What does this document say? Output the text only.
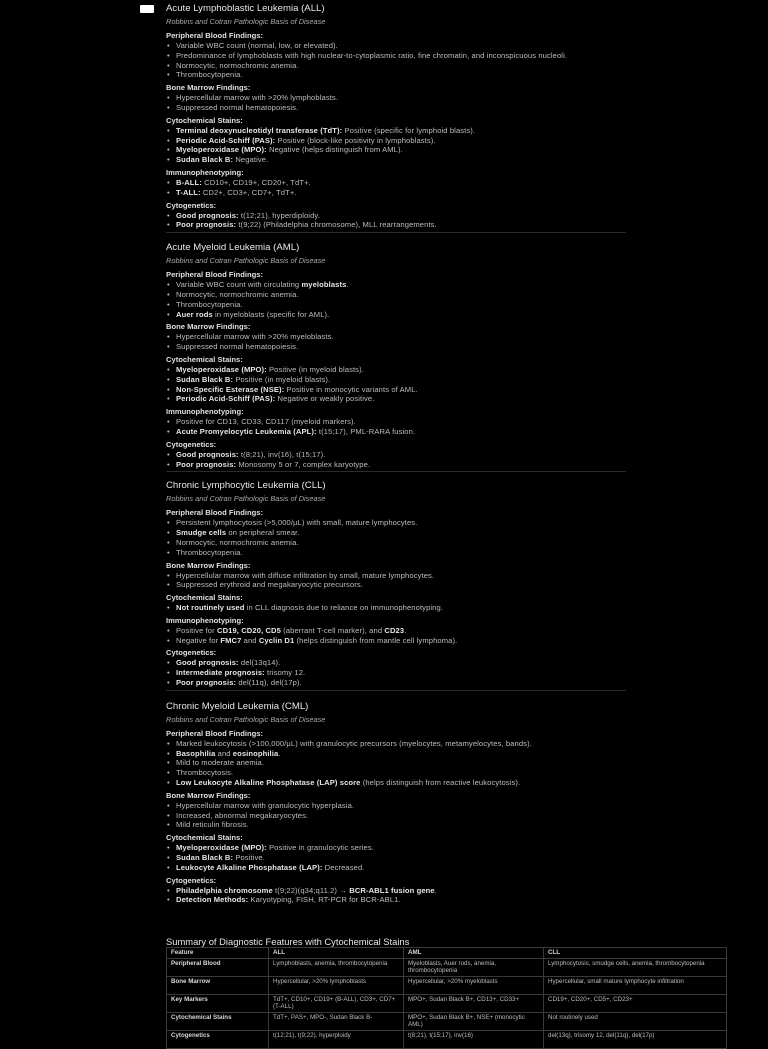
Acute Lymphoblastic Leukemia (ALL)
Robbins and Cotran Pathologic Basis of Disease
Peripheral Blood Findings:
• Variable WBC count (normal, low, or elevated).
• Predominance of lymphoblasts with high nuclear-to-cytoplasmic ratio, fine chromatin, and inconspicuous nucleoli.
• Normocytic, normochromic anemia.
• Thrombocytopenia.
Bone Marrow Findings:
• Hypercellular marrow with >20% lymphoblasts.
• Suppressed normal hematopoiesis.
Cytochemical Stains:
• Terminal deoxynucleotidyl transferase (TdT): Positive (specific for lymphoid blasts).
• Periodic Acid-Schiff (PAS): Positive (block-like positivity in lymphoblasts).
• Myeloperoxidase (MPO): Negative (helps distinguish from AML).
• Sudan Black B: Negative.
Immunophenotyping:
• B-ALL: CD10+, CD19+, CD20+, TdT+.
• T-ALL: CD2+, CD3+, CD7+, TdT+.
Cytogenetics:
• Good prognosis: t(12;21), hyperdiploidy.
• Poor prognosis: t(9;22) (Philadelphia chromosome), MLL rearrangements.
Acute Myeloid Leukemia (AML)
Robbins and Cotran Pathologic Basis of Disease
Peripheral Blood Findings:
• Variable WBC count with circulating myeloblasts.
• Normocytic, normochromic anemia.
• Thrombocytopenia.
• Auer rods in myeloblasts (specific for AML).
Bone Marrow Findings:
• Hypercellular marrow with >20% myeloblasts.
• Suppressed normal hematopoiesis.
Cytochemical Stains:
• Myeloperoxidase (MPO): Positive (in myeloid blasts).
• Sudan Black B: Positive (in myeloid blasts).
• Non-Specific Esterase (NSE): Positive in monocytic variants of AML.
• Periodic Acid-Schiff (PAS): Negative or weakly positive.
Immunophenotyping:
• Positive for CD13, CD33, CD117 (myeloid markers).
• Acute Promyelocytic Leukemia (APL): t(15;17), PML-RARA fusion.
Cytogenetics:
• Good prognosis: t(8;21), inv(16), t(15;17).
• Poor prognosis: Monosomy 5 or 7, complex karyotype.
Chronic Lymphocytic Leukemia (CLL)
Robbins and Cotran Pathologic Basis of Disease
Peripheral Blood Findings:
• Persistent lymphocytosis (>5,000/µL) with small, mature lymphocytes.
• Smudge cells on peripheral smear.
• Normocytic, normochromic anemia.
• Thrombocytopenia.
Bone Marrow Findings:
• Hypercellular marrow with diffuse infiltration by small, mature lymphocytes.
• Suppressed erythroid and megakaryocytic precursors.
Cytochemical Stains:
• Not routinely used in CLL diagnosis due to reliance on immunophenotyping.
Immunophenotyping:
• Positive for CD19, CD20, CD5 (aberrant T-cell marker), and CD23.
• Negative for FMC7 and Cyclin D1 (helps distinguish from mantle cell lymphoma).
Cytogenetics:
• Good prognosis: del(13q14).
• Intermediate prognosis: trisomy 12.
• Poor prognosis: del(11q), del(17p).
Chronic Myeloid Leukemia (CML)
Robbins and Cotran Pathologic Basis of Disease
Peripheral Blood Findings:
• Marked leukocytosis (>100,000/µL) with granulocytic precursors (myelocytes, metamyelocytes, bands).
• Basophilia and eosinophilia.
• Mild to moderate anemia.
• Thrombocytosis.
• Low Leukocyte Alkaline Phosphatase (LAP) score (helps distinguish from reactive leukocytosis).
Bone Marrow Findings:
• Hypercellular marrow with granulocytic hyperplasia.
• Increased, abnormal megakaryocytes.
• Mild reticulin fibrosis.
Cytochemical Stains:
• Myeloperoxidase (MPO): Positive in granulocytic series.
• Sudan Black B: Positive.
• Leukocyte Alkaline Phosphatase (LAP): Decreased.
Cytogenetics:
• Philadelphia chromosome t(9;22)(q34;q11.2) → BCR-ABL1 fusion gene.
• Detection Methods: Karyotyping, FISH, RT-PCR for BCR-ABL1.
Summary of Diagnostic Features with Cytochemical Stains
Feature	ALL	AML	CLL
Peripheral Blood	Lymphoblasts, anemia, thrombocytopenia	Myeloblasts, Auer rods, anemia, thrombocytopenia	Lymphocytosis, smudge cells, anemia, thrombocytopenia
Bone Marrow	Hypercellular, >20% lymphoblasts	Hypercellular, >20% myeloblasts	Hypercellular, small mature lymphocyte infiltration
Key Markers	TdT+, CD10+, CD19+ (B-ALL), CD3+, CD7+ (T-ALL)	MPO+, Sudan Black B+, CD13+, CD33+	CD19+, CD20+, CD5+, CD23+
Cytochemical Stains	TdT+, PAS+, MPO-, Sudan Black B-	MPO+, Sudan Black B+, NSE+ (monocytic AML)	Not routinely used
Cytogenetics	t(12;21), t(9;22), hyperploidy	t(8;21), t(15;17), inv(16)	del(13q), trisomy 12, del(11q), del(17p)
